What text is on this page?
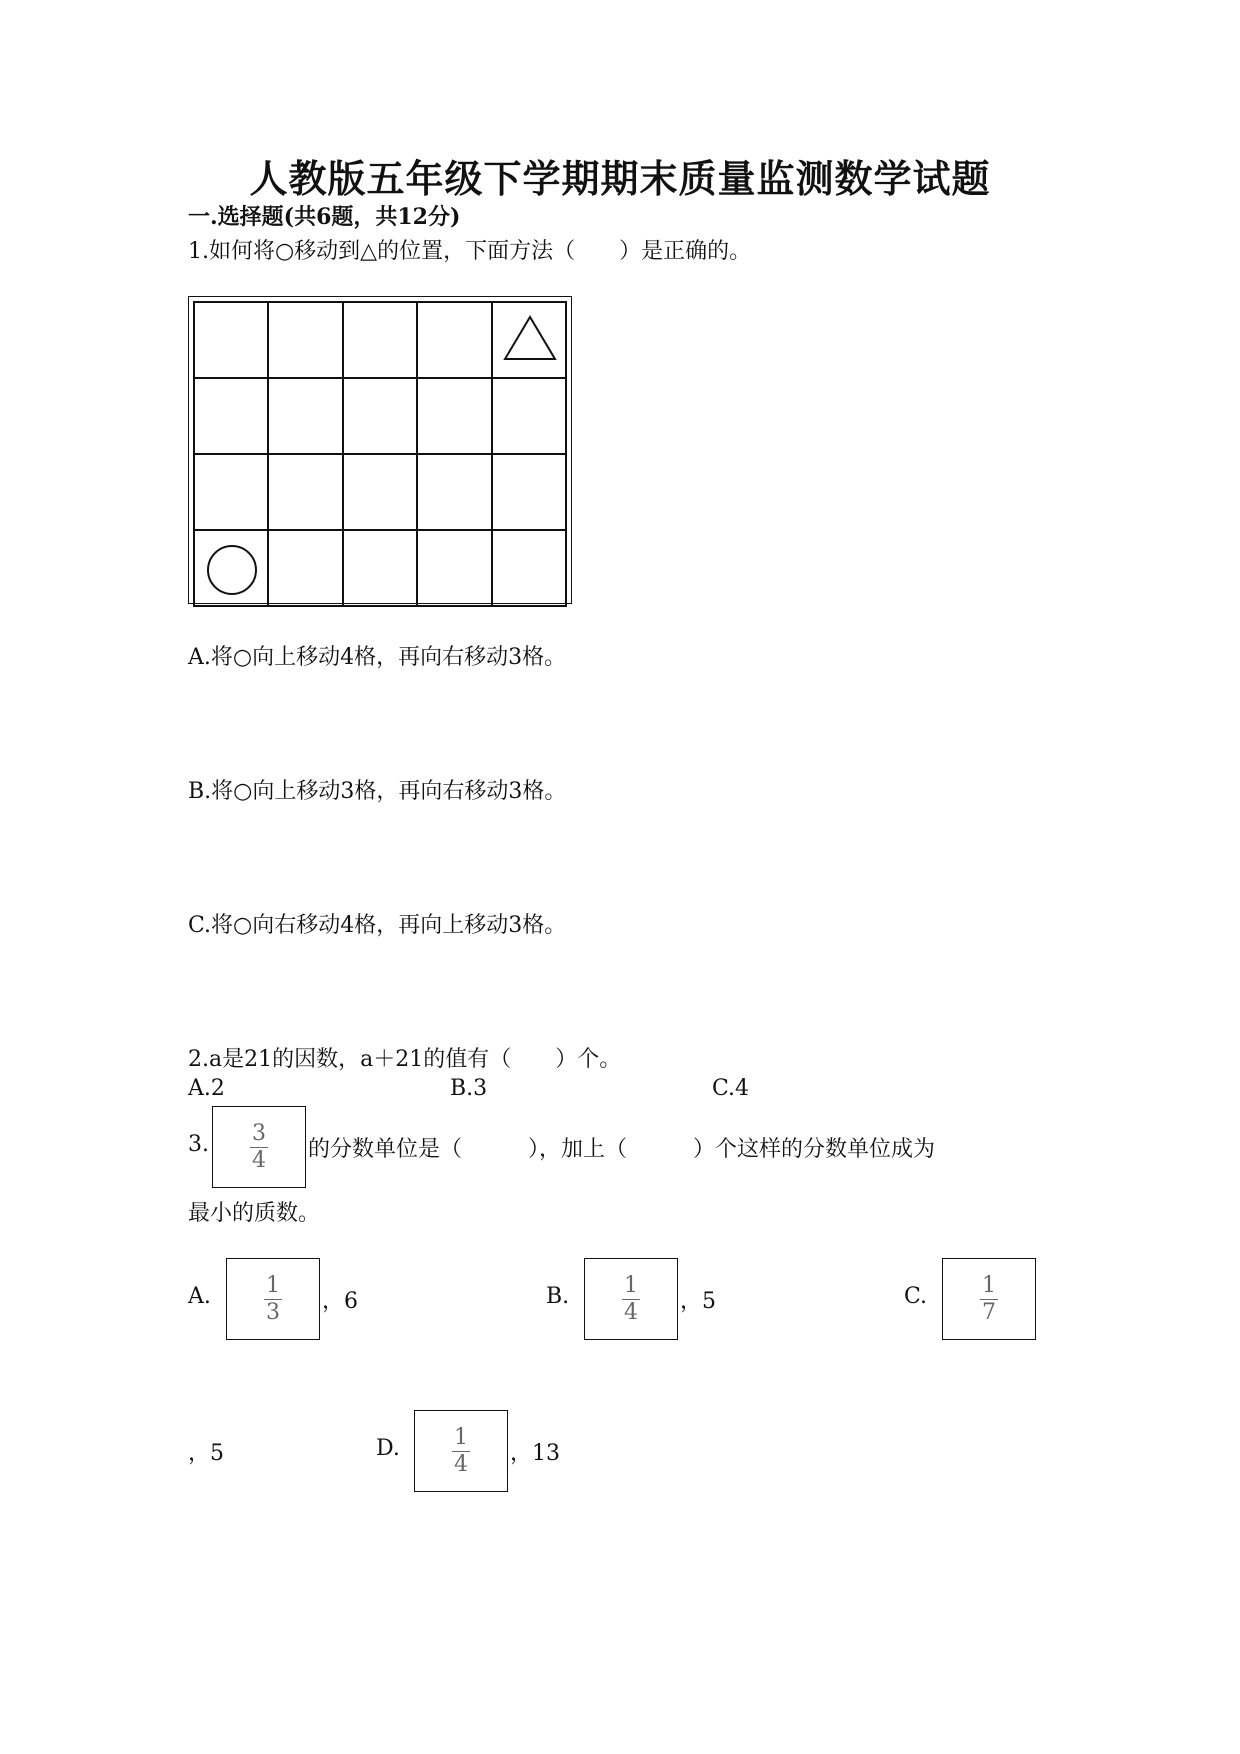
人教版五年级下学期期末质量监测数学试题
一.选择题(共6题，共12分)
1.如何将○移动到△的位置，下面方法（　　）是正确的。

A.将○向上移动4格，再向右移动3格。
B.将○向上移动3格，再向右移动3格。
C.将○向右移动4格，再向上移动3格。
2.a是21的因数，a＋21的值有（　　）个。
A.2	B.3	C.4
3. $\frac{3}{4}$ 的分数单位是（　　　），加上（　　　）个这样的分数单位成为
最小的质数。
A. $\frac{1}{3}$ ，6	B. $\frac{1}{4}$ ，5	C. $\frac{1}{7}$
，5	D. $\frac{1}{4}$ ，13
